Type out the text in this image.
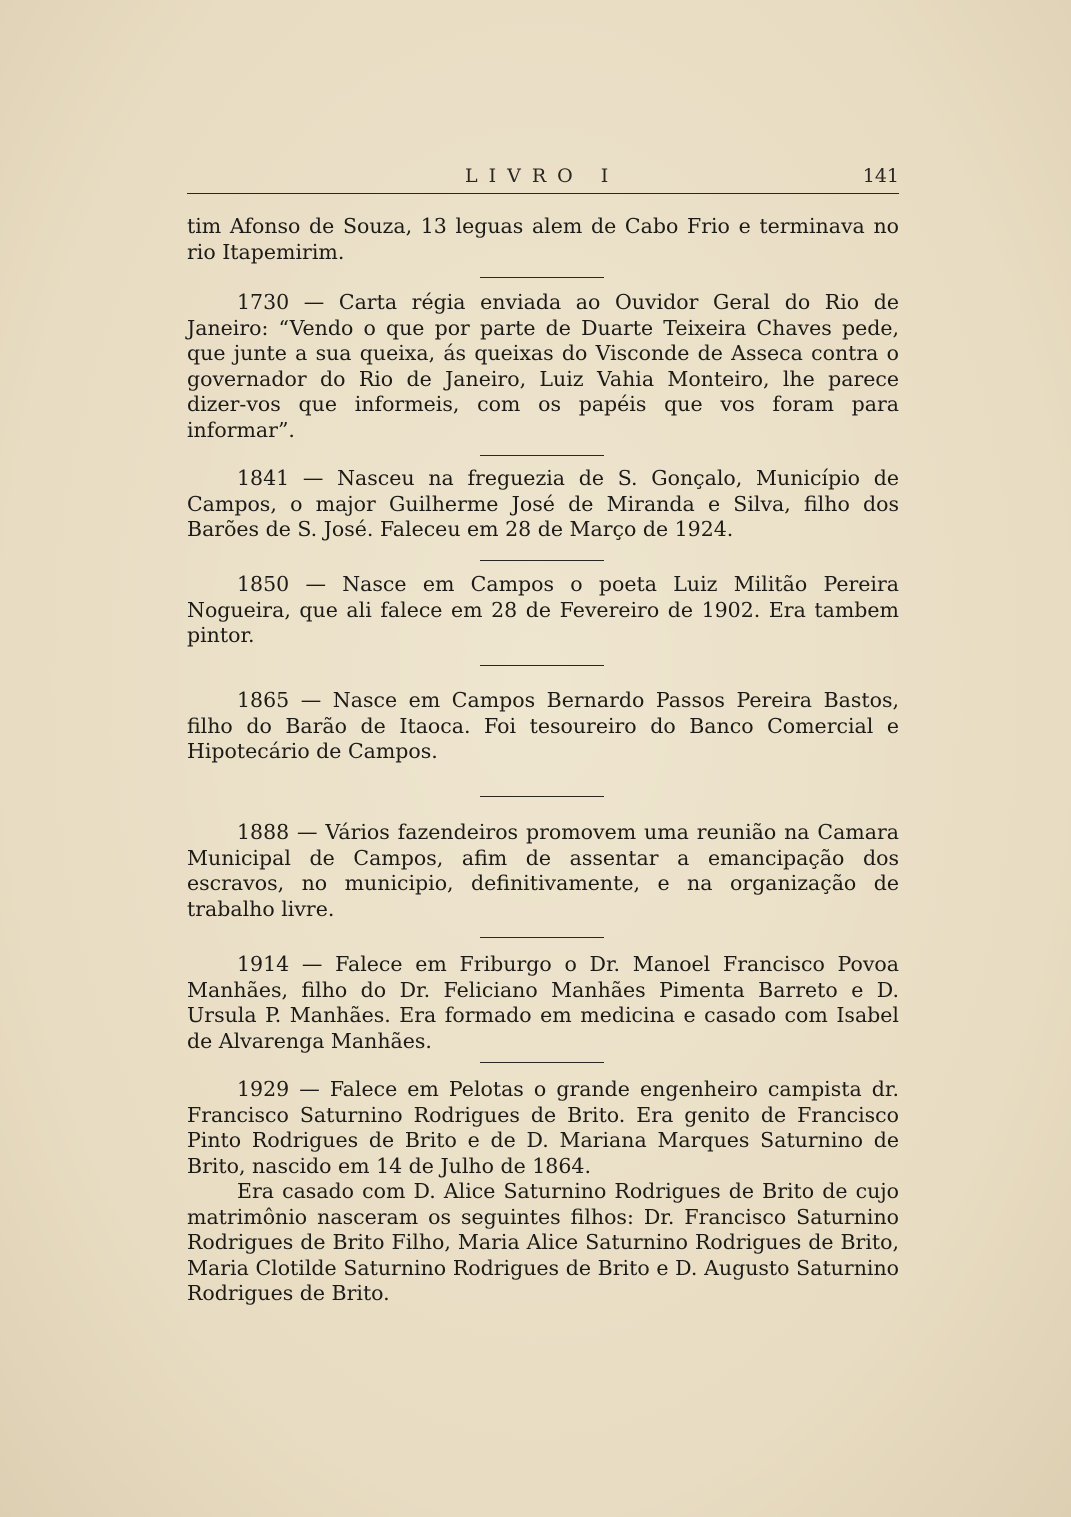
LIVRO I	141

tim Afonso de Souza, 13 leguas alem de Cabo Frio e terminava no rio Itapemirim.

1730 — Carta régia enviada ao Ouvidor Geral do Rio de Janeiro: “Vendo o que por parte de Duarte Teixeira Chaves pede, que junte a sua queixa, ás queixas do Visconde de Asseca contra o governador do Rio de Janeiro, Luiz Vahia Monteiro, lhe parece dizer-vos que informeis, com os papéis que vos foram para informar”.

1841 — Nasceu na freguezia de S. Gonçalo, Município de Campos, o major Guilherme José de Miranda e Silva, filho dos Barões de S. José. Faleceu em 28 de Março de 1924.

1850 — Nasce em Campos o poeta Luiz Militão Pereira Nogueira, que ali falece em 28 de Fevereiro de 1902. Era tambem pintor.

1865 — Nasce em Campos Bernardo Passos Pereira Bastos, filho do Barão de Itaoca. Foi tesoureiro do Banco Comercial e Hipotecário de Campos.

1888 — Vários fazendeiros promovem uma reunião na Camara Municipal de Campos, afim de assentar a emancipação dos escravos, no municipio, definitivamente, e na organização de trabalho livre.

1914 — Falece em Friburgo o Dr. Manoel Francisco Povoa Manhães, filho do Dr. Feliciano Manhães Pimenta Barreto e D. Ursula P. Manhães. Era formado em medicina e casado com Isabel de Alvarenga Manhães.

1929 — Falece em Pelotas o grande engenheiro campista dr. Francisco Saturnino Rodrigues de Brito. Era genito de Francisco Pinto Rodrigues de Brito e de D. Mariana Marques Saturnino de Brito, nascido em 14 de Julho de 1864.

Era casado com D. Alice Saturnino Rodrigues de Brito de cujo matrimônio nasceram os seguintes filhos: Dr. Francisco Saturnino Rodrigues de Brito Filho, Maria Alice Saturnino Rodrigues de Brito, Maria Clotilde Saturnino Rodrigues de Brito e D. Augusto Saturnino Rodrigues de Brito.
